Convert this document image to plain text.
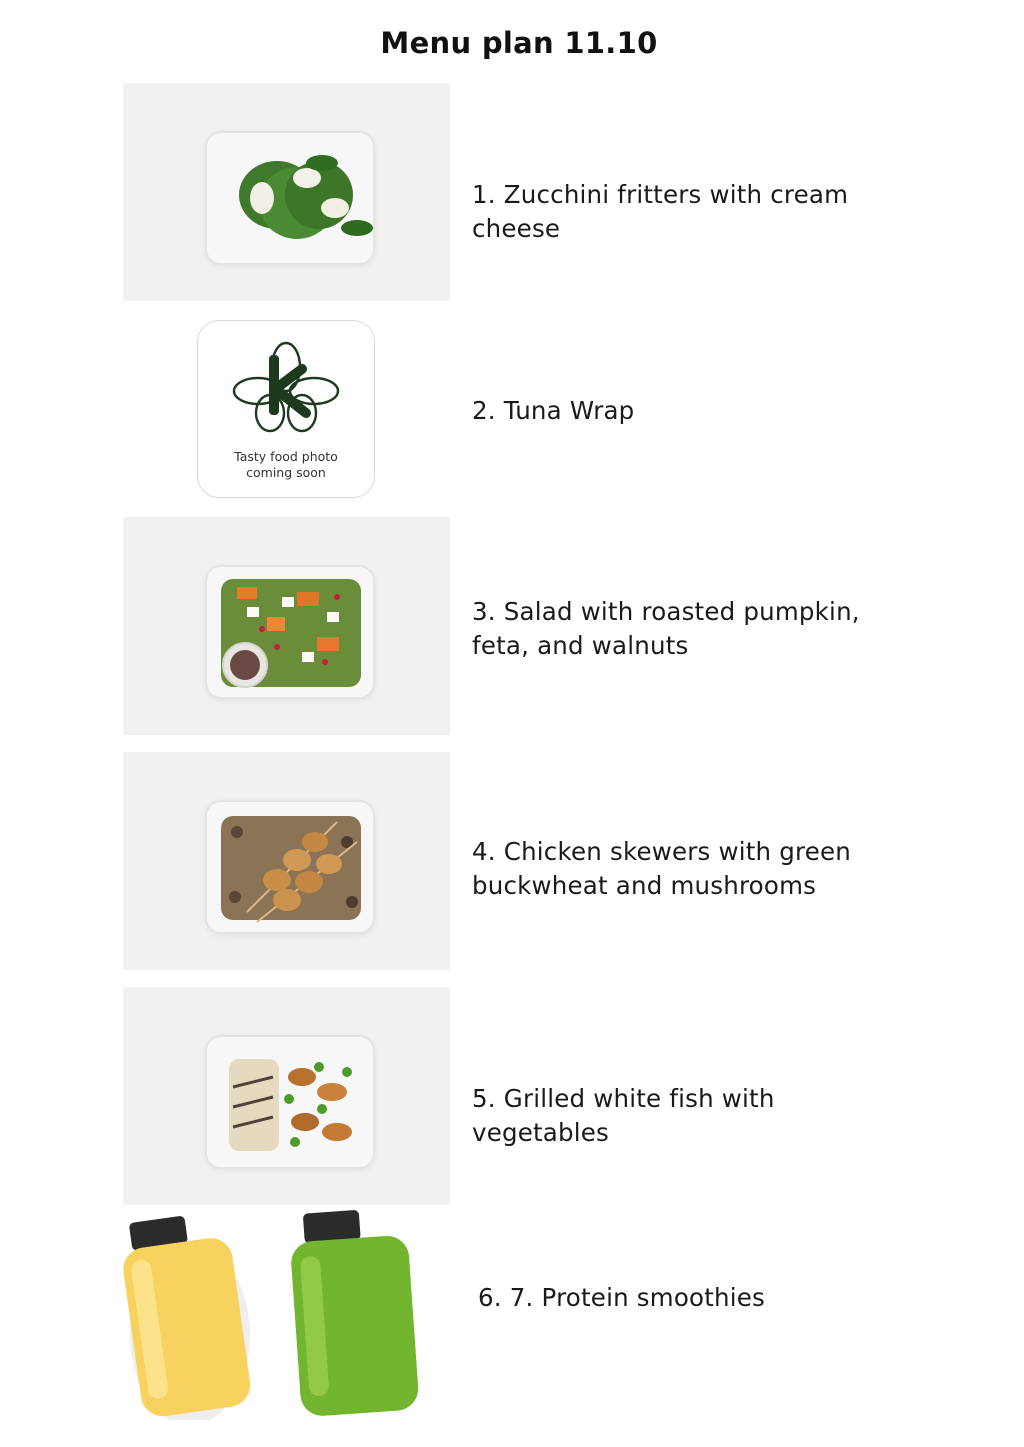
Menu plan 11.10
1. Zucchini fritters with cream
cheese
Tasty food photo
coming soon
2. Tuna Wrap
3. Salad with roasted pumpkin,
feta, and walnuts
4. Chicken skewers with green
buckwheat and mushrooms
5. Grilled white fish with
vegetables
6. 7. Protein smoothies
